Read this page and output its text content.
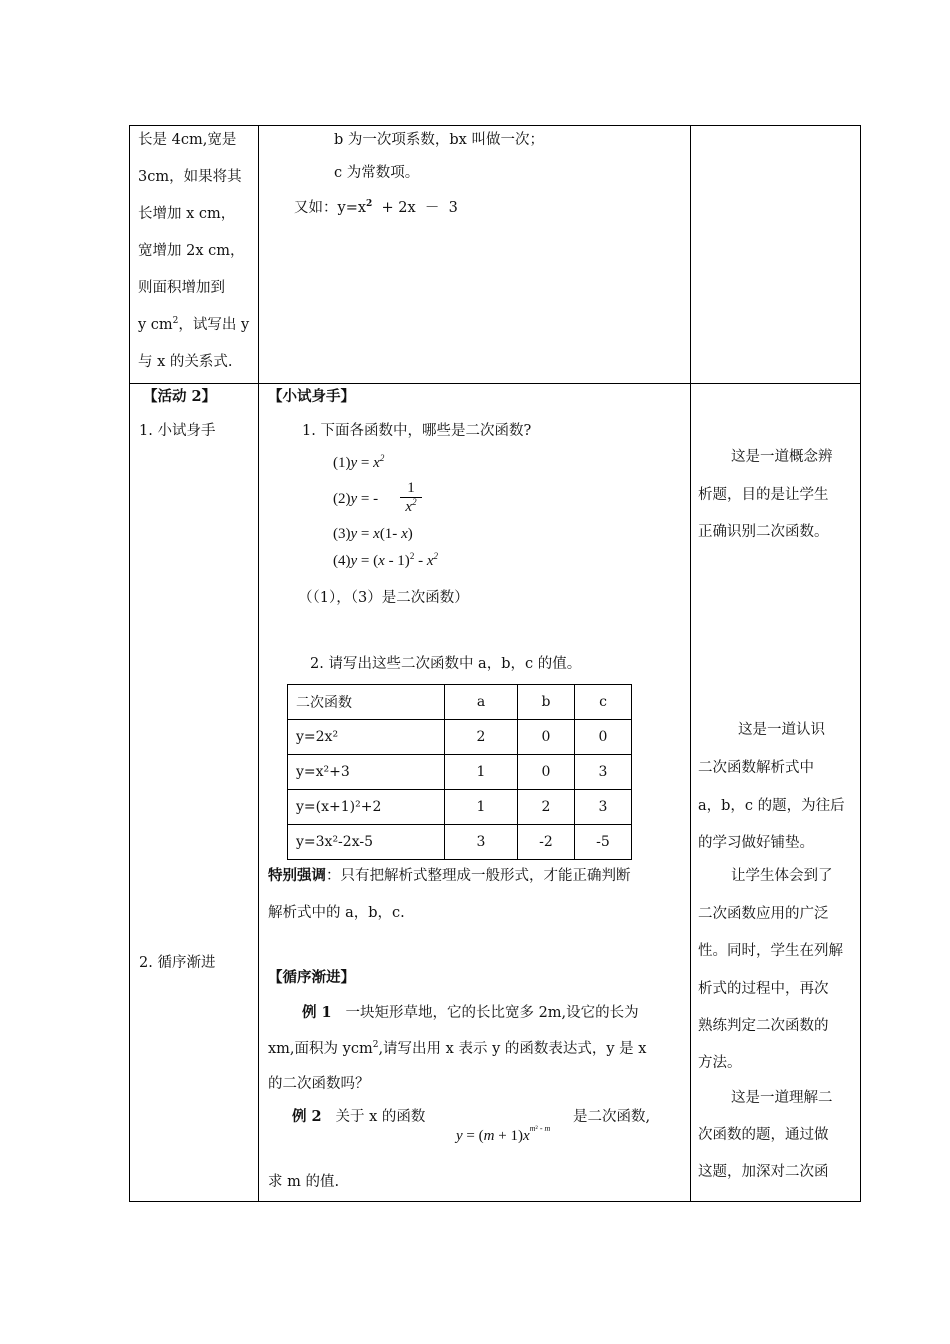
长是 4cm,宽是
3cm，如果将其
长增加 x cm，
宽增加 2x cm，
则面积增加到
y $cm^2$，试写出 y
与 x 的关系式.
b 为一次项系数，bx 叫做一次；
c 为常数项。
又如：$y=x^2 + 2x - 3$
【活动 2】
1. 小试身手
2. 循序渐进
【小试身手】
1. 下面各函数中，哪些是二次函数?
$(1)y = x^2$
(2)y = - $\frac{1}{x^2}$
(3)y = x(1- x)
$(4)y = (x - 1)^2 - x^2$
（（1），（3）是二次函数）
2. 请写出这些二次函数中 a，b，c 的值。
二次函数	a	b	c
y=2x²	2	0	0
y=x²+3	1	0	3
y=(x+1)²+2	1	2	3
y=3x²-2x-5	3	-2	-5
特别强调：只有把解析式整理成一般形式，才能正确判断
解析式中的 a，b，c.
【循序渐进】
例 1 一块矩形草地，它的长比宽多 2m,设它的长为
xm,面积为 ycm$^2$,请写出用 x 表示 y 的函数表达式，y 是 x
的二次函数吗？
例 2 关于 x 的函数
$y = (m + 1)x^{m^2 - m}$
是二次函数,
求 m 的值.
这是一道概念辨
析题，目的是让学生
正确识别二次函数。
这是一道认识
二次函数解析式中
a，b，c 的题，为往后
的学习做好铺垫。
让学生体会到了
二次函数应用的广泛
性。同时，学生在列解
析式的过程中，再次
熟练判定二次函数的
方法。
这是一道理解二
次函数的题，通过做
这题，加深对二次函
